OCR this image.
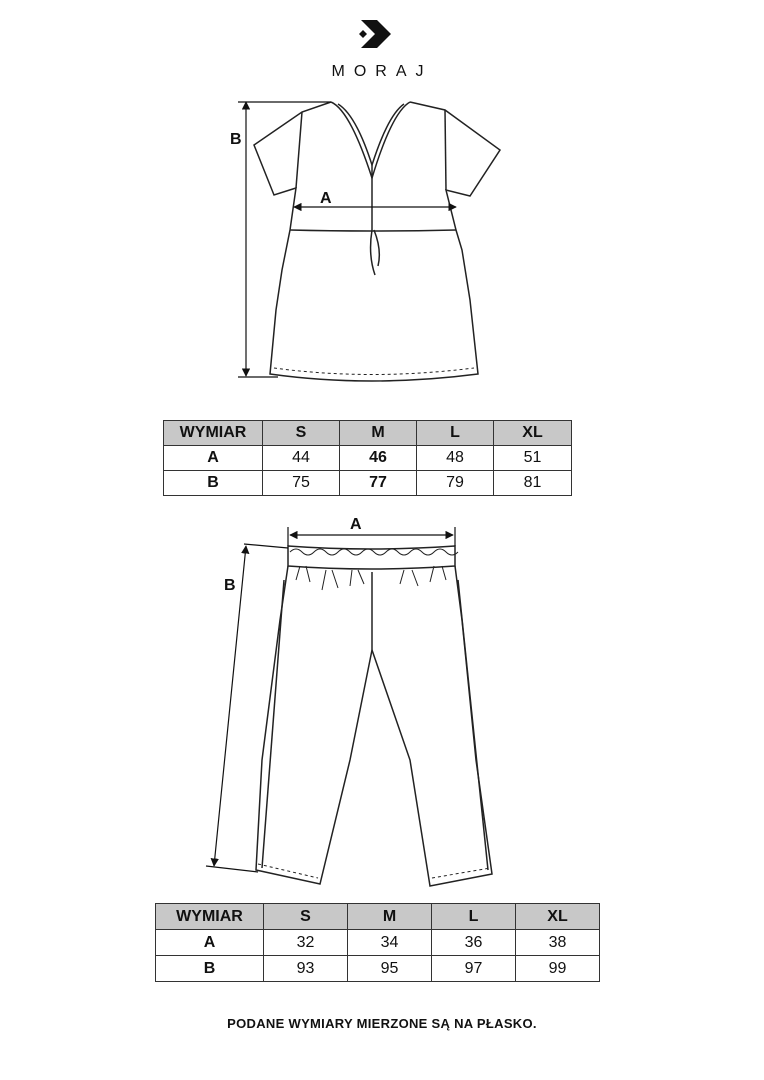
MORAJ
B
A
A
B
WYMIAR	S	M	L	XL
A	44	46	48	51
B	75	77	79	81
WYMIAR	S	M	L	XL
A	32	34	36	38
B	93	95	97	99
PODANE WYMIARY MIERZONE SĄ NA PŁASKO.
